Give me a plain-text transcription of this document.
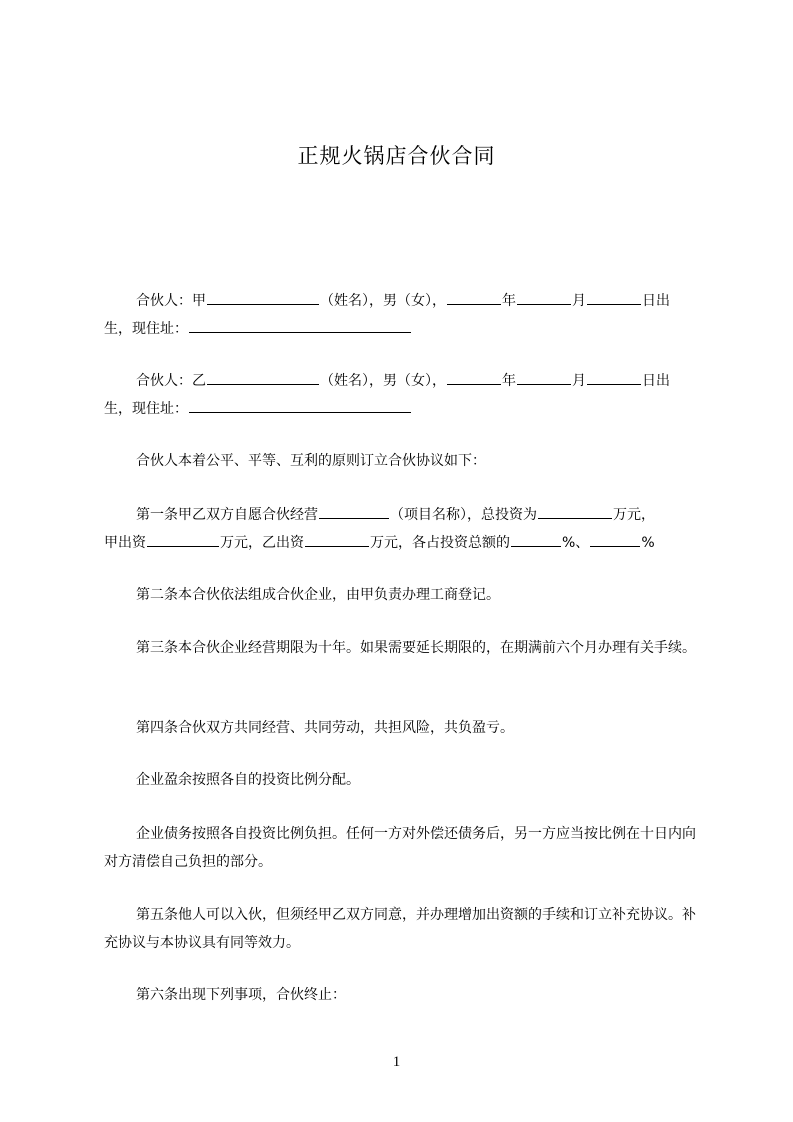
正规火锅店合伙合同
合伙人：甲	（姓名），男（女），	年	月	日出
生，现住址：
合伙人：乙	（姓名），男（女），	年	月	日出
生，现住址：
合伙人本着公平、平等、互利的原则订立合伙协议如下：
第一条甲乙双方自愿合伙经营	（项目名称），总投资为	万元，
甲出资	万元，乙出资	万元，各占投资总额的	%、	%
第二条本合伙依法组成合伙企业，由甲负责办理工商登记。
第三条本合伙企业经营期限为十年。如果需要延长期限的，在期满前六个月办理有关手续。
第四条合伙双方共同经营、共同劳动，共担风险，共负盈亏。
企业盈余按照各自的投资比例分配。
企业债务按照各自投资比例负担。任何一方对外偿还债务后，另一方应当按比例在十日内向对方清偿自己负担的部分。
第五条他人可以入伙，但须经甲乙双方同意，并办理增加出资额的手续和订立补充协议。补充协议与本协议具有同等效力。
第六条出现下列事项，合伙终止：
1
